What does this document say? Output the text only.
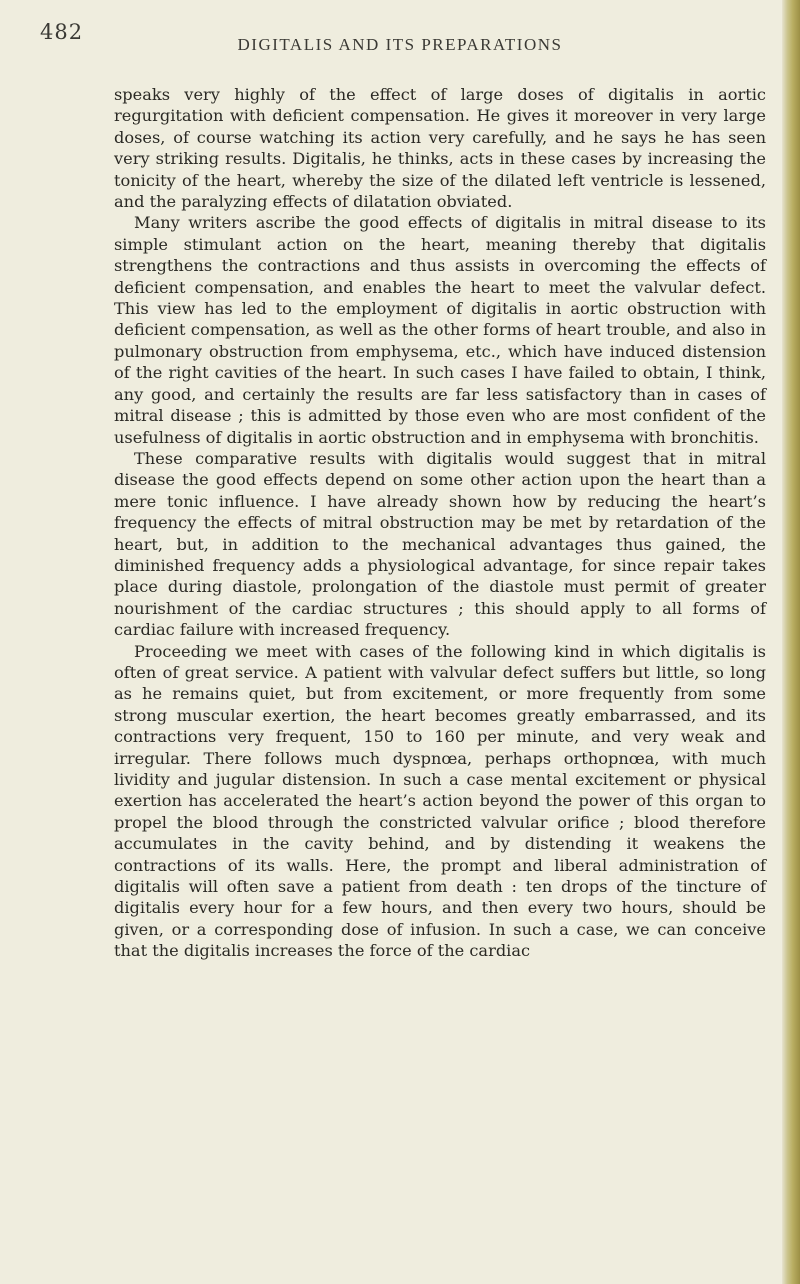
482
DIGITALIS AND ITS PREPARATIONS

speaks very highly of the effect of large doses of digitalis in aortic regurgitation with deficient compensation. He gives it moreover in very large doses, of course watching its action very carefully, and he says he has seen very striking results. Digitalis, he thinks, acts in these cases by increasing the tonicity of the heart, whereby the size of the dilated left ventricle is lessened, and the paralyzing effects of dilatation obviated.

Many writers ascribe the good effects of digitalis in mitral disease to its simple stimulant action on the heart, meaning thereby that digitalis strengthens the contractions and thus assists in overcoming the effects of deficient compensation, and enables the heart to meet the valvular defect. This view has led to the employment of digitalis in aortic obstruction with deficient compensation, as well as the other forms of heart trouble, and also in pulmonary obstruction from emphysema, etc., which have induced distension of the right cavities of the heart. In such cases I have failed to obtain, I think, any good, and certainly the results are far less satisfactory than in cases of mitral disease ; this is admitted by those even who are most confident of the usefulness of digitalis in aortic obstruction and in emphysema with bronchitis.

These comparative results with digitalis would suggest that in mitral disease the good effects depend on some other action upon the heart than a mere tonic influence. I have already shown how by reducing the heart’s frequency the effects of mitral obstruction may be met by retardation of the heart, but, in addition to the mechanical advantages thus gained, the diminished frequency adds a physiological advantage, for since repair takes place during diastole, prolongation of the diastole must permit of greater nourishment of the cardiac structures ; this should apply to all forms of cardiac failure with increased frequency.

Proceeding we meet with cases of the following kind in which digitalis is often of great service. A patient with valvular defect suffers but little, so long as he remains quiet, but from excitement, or more frequently from some strong muscular exertion, the heart becomes greatly embarrassed, and its contractions very frequent, 150 to 160 per minute, and very weak and irregular. There follows much dyspnœa, perhaps orthopnœa, with much lividity and jugular distension. In such a case mental excitement or physical exertion has accelerated the heart’s action beyond the power of this organ to propel the blood through the constricted valvular orifice ; blood therefore accumulates in the cavity behind, and by distending it weakens the contractions of its walls. Here, the prompt and liberal administration of digitalis will often save a patient from death : ten drops of the tincture of digitalis every hour for a few hours, and then every two hours, should be given, or a corresponding dose of infusion. In such a case, we can conceive that the digitalis increases the force of the cardiac
